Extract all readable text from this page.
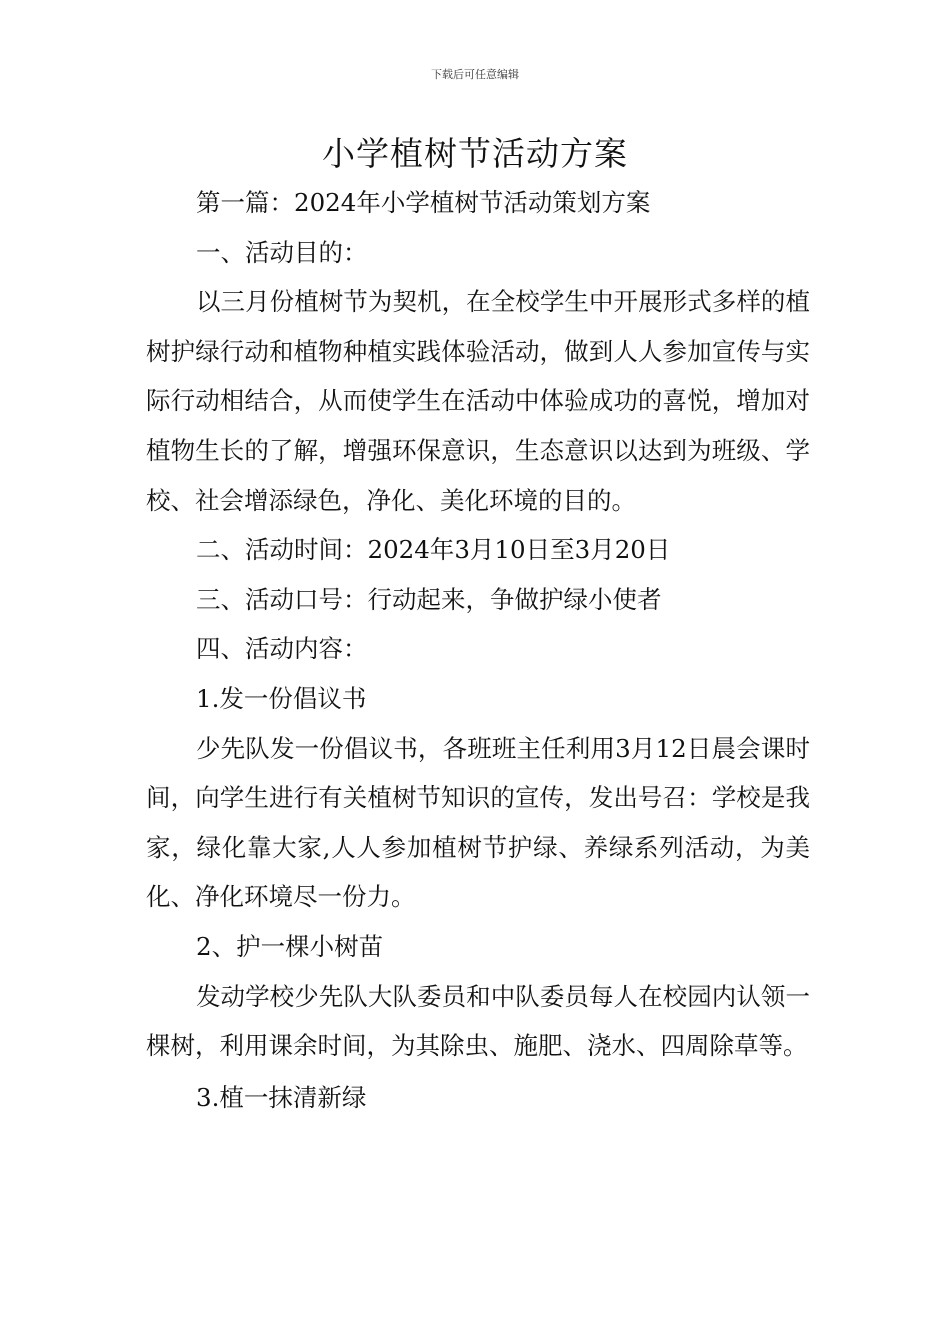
下载后可任意编辑
小学植树节活动方案

第一篇：2024年小学植树节活动策划方案

一、活动目的：

以三月份植树节为契机，在全校学生中开展形式多样的植树护绿行动和植物种植实践体验活动，做到人人参加宣传与实际行动相结合，从而使学生在活动中体验成功的喜悦，增加对植物生长的了解，增强环保意识，生态意识以达到为班级、学校、社会增添绿色，净化、美化环境的目的。

二、活动时间：2024年3月10日至3月20日

三、活动口号：行动起来，争做护绿小使者

四、活动内容：

1.发一份倡议书

少先队发一份倡议书，各班班主任利用3月12日晨会课时间，向学生进行有关植树节知识的宣传，发出号召：学校是我家，绿化靠大家,人人参加植树节护绿、养绿系列活动，为美化、净化环境尽一份力。

2、护一棵小树苗

发动学校少先队大队委员和中队委员每人在校园内认领一棵树，利用课余时间，为其除虫、施肥、浇水、四周除草等。

3.植一抹清新绿
